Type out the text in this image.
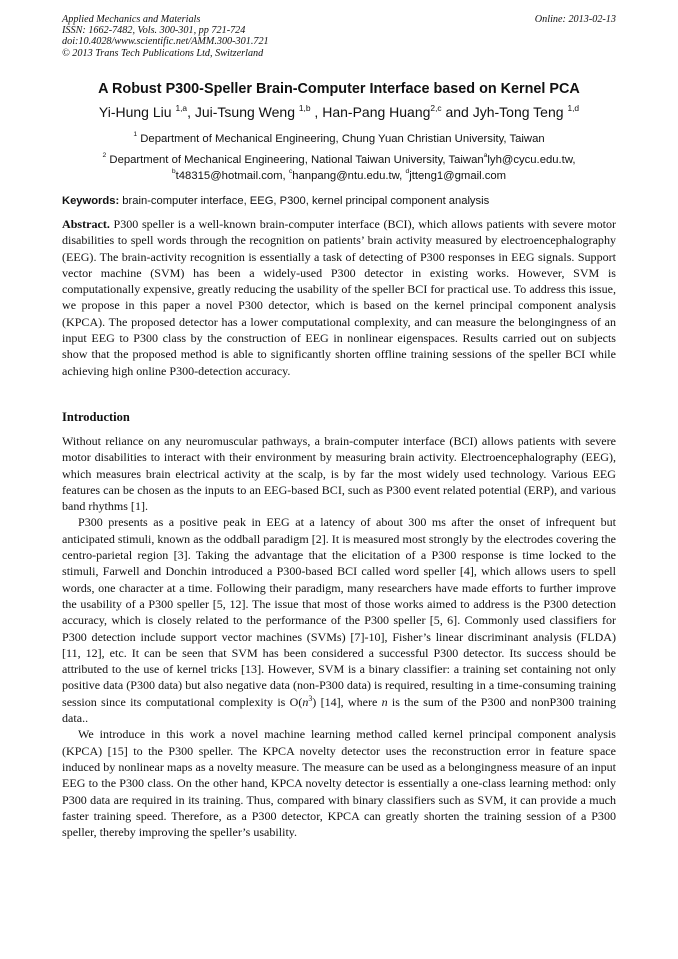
Applied Mechanics and Materials
ISSN: 1662-7482, Vols. 300-301, pp 721-724
doi:10.4028/www.scientific.net/AMM.300-301.721
© 2013 Trans Tech Publications Ltd, Switzerland
Online: 2013-02-13
A Robust P300-Speller Brain-Computer Interface based on Kernel PCA
Yi-Hung Liu $^{1,a}$, Jui-Tsung Weng $^{1,b}$ , Han-Pang Huang$^{2,c}$ and Jyh-Tong Teng $^{1,d}$
$^1$ Department of Mechanical Engineering, Chung Yuan Christian University, Taiwan
$^2$ Department of Mechanical Engineering, National Taiwan University, Taiwan$^a$lyh@cycu.edu.tw,
$^b$t48315@hotmail.com, $^c$hanpang@ntu.edu.tw, $^d$jtteng1@gmail.com
Keywords: brain-computer interface, EEG, P300, kernel principal component analysis
Abstract. P300 speller is a well-known brain-computer interface (BCI), which allows patients with severe motor disabilities to spell words through the recognition on patients’ brain activity measured by electroencephalography (EEG). The brain-activity recognition is essentially a task of detecting of P300 responses in EEG signals. Support vector machine (SVM) has been a widely-used P300 detector in existing works. However, SVM is computationally expensive, greatly reducing the usability of the speller BCI for practical use. To address this issue, we propose in this paper a novel P300 detector, which is based on the kernel principal component analysis (KPCA). The proposed detector has a lower computational complexity, and can measure the belongingness of an input EEG to P300 class by the construction of EEG in nonlinear eigenspaces. Results carried out on subjects show that the proposed method is able to significantly shorten offline training sessions of the speller BCI while achieving high online P300-detection accuracy.
Introduction

Without reliance on any neuromuscular pathways, a brain-computer interface (BCI) allows patients with severe motor disabilities to interact with their environment by measuring brain activity. Electroencephalography (EEG), which measures brain electrical activity at the scalp, is by far the most widely used technology. Various EEG features can be chosen as the inputs to an EEG-based BCI, such as P300 event related potential (ERP), and various band rhythms [1].

P300 presents as a positive peak in EEG at a latency of about 300 ms after the onset of infrequent but anticipated stimuli, known as the oddball paradigm [2]. It is measured most strongly by the electrodes covering the centro-parietal region [3]. Taking the advantage that the elicitation of a P300 response is time locked to the stimuli, Farwell and Donchin introduced a P300-based BCI called word speller [4], which allows users to spell words, one character at a time. Following their paradigm, many researchers have made efforts to further improve the usability of a P300 speller [5, 12]. The issue that most of those works aimed to address is the P300 detection accuracy, which is closely related to the performance of the P300 speller [5, 6]. Commonly used classifiers for P300 detection include support vector machines (SVMs) [7]-10], Fisher’s linear discriminant analysis (FLDA) [11, 12], etc. It can be seen that SVM has been considered a successful P300 detector. Its success should be attributed to the use of kernel tricks [13]. However, SVM is a binary classifier: a training set containing not only positive data (P300 data) but also negative data (non-P300 data) is required, resulting in a time-consuming training session since its computational complexity is $O(n^3)$ [14], where n is the sum of the P300 and nonP300 training data..

We introduce in this work a novel machine learning method called kernel principal component analysis (KPCA) [15] to the P300 speller. The KPCA novelty detector uses the reconstruction error in feature space induced by nonlinear maps as a novelty measure. The measure can be used as a belongingness measure of an input EEG to the P300 class. On the other hand, KPCA novelty detector is essentially a one-class learning method: only P300 data are required in its training. Thus, compared with binary classifiers such as SVM, it can provide a much faster training speed. Therefore, as a P300 detector, KPCA can greatly shorten the training session of a P300 speller, thereby improving the speller’s usability.
